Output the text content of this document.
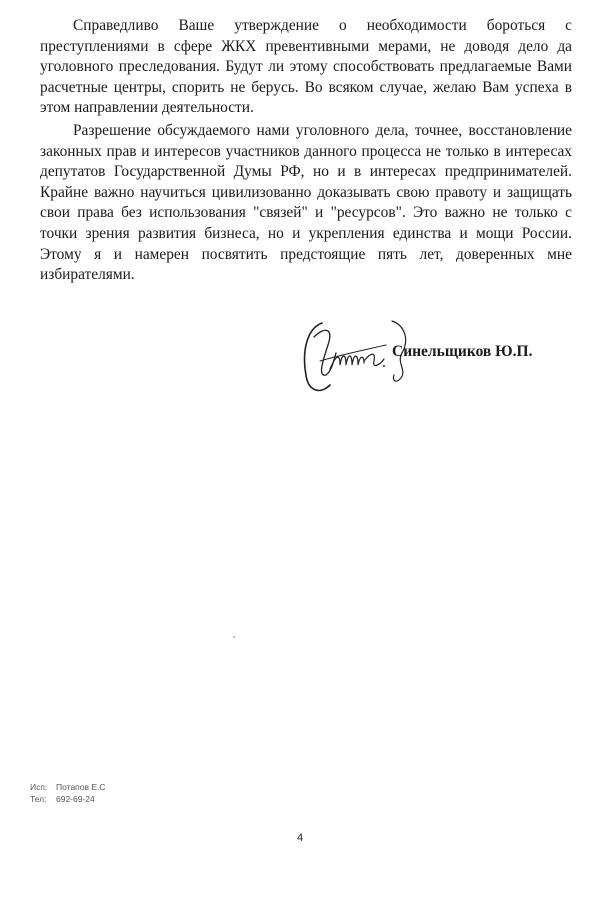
Справедливо Ваше утверждение о необходимости бороться с преступлениями в сфере ЖКХ превентивными мерами, не доводя дело да уголовного преследования. Будут ли этому способствовать предлагаемые Вами расчетные центры, спорить не берусь. Во всяком случае, желаю Вам успеха в этом направлении деятельности.

Разрешение обсуждаемого нами уголовного дела, точнее, восстановление законных прав и интересов участников данного процесса не только в интересах депутатов Государственной Думы РФ, но и в интересах предпринимателей. Крайне важно научиться цивилизованно доказывать свою правоту и защищать свои права без использования "связей" и "ресурсов". Это важно не только с точки зрения развития бизнеса, но и укрепления единства и мощи России. Этому я и намерен посвятить предстоящие пять лет, доверенных мне избирателями.

Синельщиков Ю.П.
Исп: Потапов Е.С
Тел: 692-69-24
4
